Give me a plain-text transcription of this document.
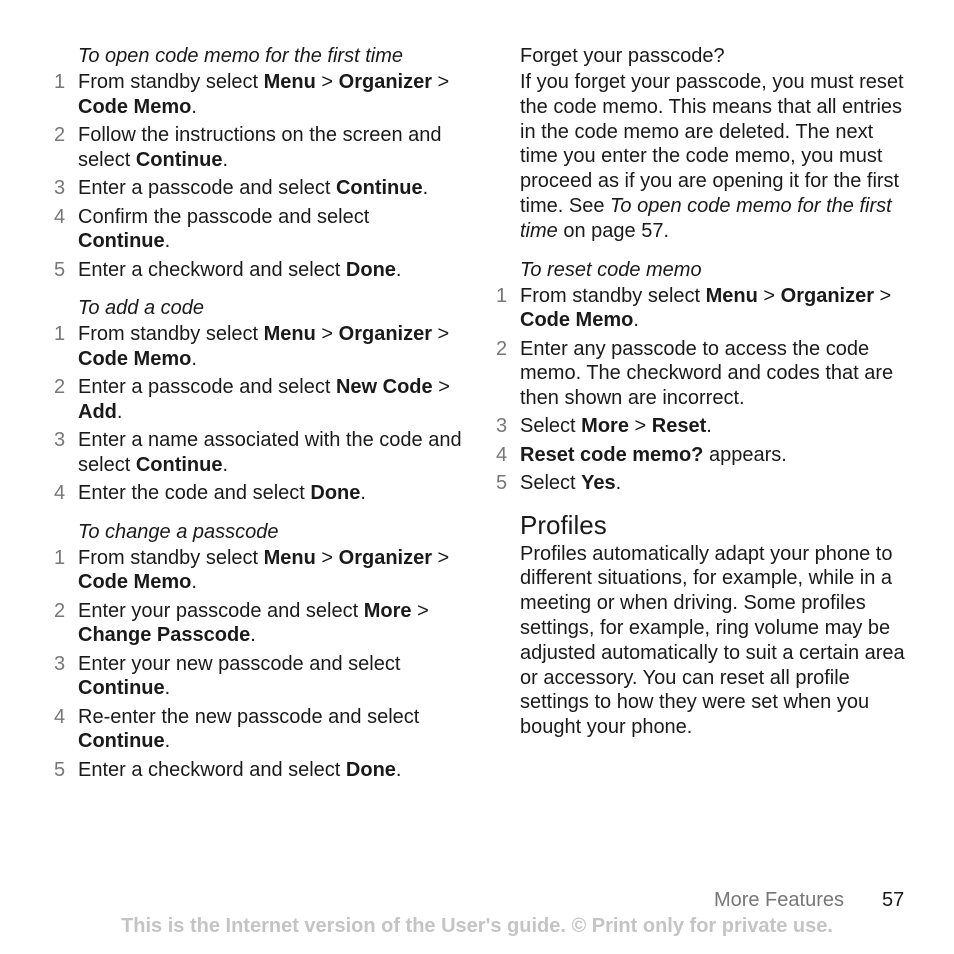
To open code memo for the first time
1 From standby select Menu > Organizer > Code Memo.
2 Follow the instructions on the screen and select Continue.
3 Enter a passcode and select Continue.
4 Confirm the passcode and select Continue.
5 Enter a checkword and select Done.
To add a code
1 From standby select Menu > Organizer > Code Memo.
2 Enter a passcode and select New Code > Add.
3 Enter a name associated with the code and select Continue.
4 Enter the code and select Done.
To change a passcode
1 From standby select Menu > Organizer > Code Memo.
2 Enter your passcode and select More > Change Passcode.
3 Enter your new passcode and select Continue.
4 Re-enter the new passcode and select Continue.
5 Enter a checkword and select Done.
Forget your passcode?
If you forget your passcode, you must reset the code memo. This means that all entries in the code memo are deleted. The next time you enter the code memo, you must proceed as if you are opening it for the first time. See To open code memo for the first time on page 57.
To reset code memo
1 From standby select Menu > Organizer > Code Memo.
2 Enter any passcode to access the code memo. The checkword and codes that are then shown are incorrect.
3 Select More > Reset.
4 Reset code memo? appears.
5 Select Yes.
Profiles
Profiles automatically adapt your phone to different situations, for example, while in a meeting or when driving. Some profiles settings, for example, ring volume may be adjusted automatically to suit a certain area or accessory. You can reset all profile settings to how they were set when you bought your phone.
More Features 57
This is the Internet version of the User's guide. © Print only for private use.
